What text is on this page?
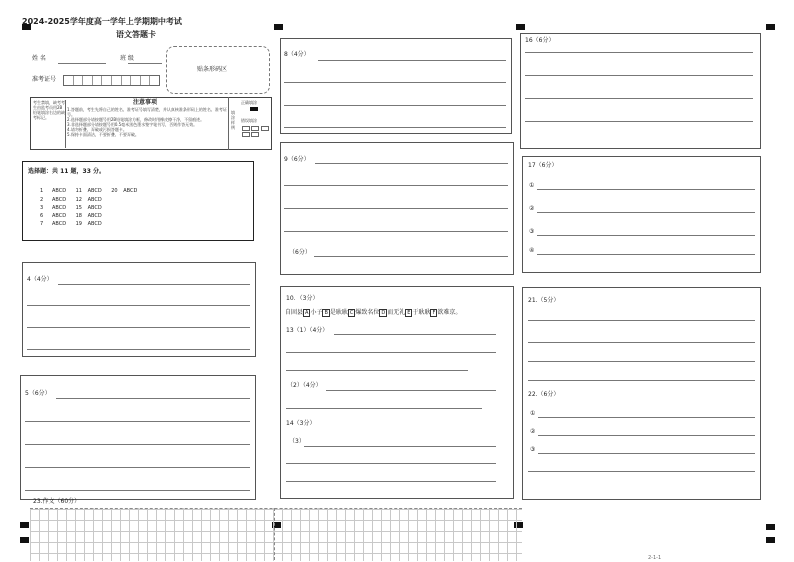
2024-2025学年度高一学年上学期期中考试
语文答题卡
姓 名	班 级
准考证号
贴条形码区
考生禁填，缺考考生由监考员用2B铅笔填涂右边的缺考标记。
注意事项
1.答题前，考生先将自己的姓名、准考证号填写清楚，并认真核准条形码上的姓名、准考证号。
2.选择题部分请按题号用2B铅笔填涂方框，修改时用橡皮擦干净，不留痕迹。
3.非选择题部分请按题号用0.5毫米黑色墨水签字笔书写，否则作答无效。
4.请勿折叠、弄破或污损答题卡。
5.保持卡面清洁，不要折叠、不要弄破。
填涂样例
正确填涂
错误填涂

选择题：共 11 题，33 分。
1 ABCD 11 ABCD 20 ABCD
2 ABCD 12 ABCD
3 ABCD 15 ABCD
6 ABCD 18 ABCD
7 ABCD 19 ABCD
4（4分）
5（6分）
8（4分）
9（6分）
（6分）
10．（3分）
自固县 A 小子 B 是耿耿 C 爆致名位 D 而无礼 E 于耿耿 F 欲难京。
13（1）（4分）
（2）（4分）
14（3分）
（3）
16（6分）
17（6分）
①
②
③
④
21.（5分）
22.（6分）
①
②
③
23.作文（60分）
2-1-1
